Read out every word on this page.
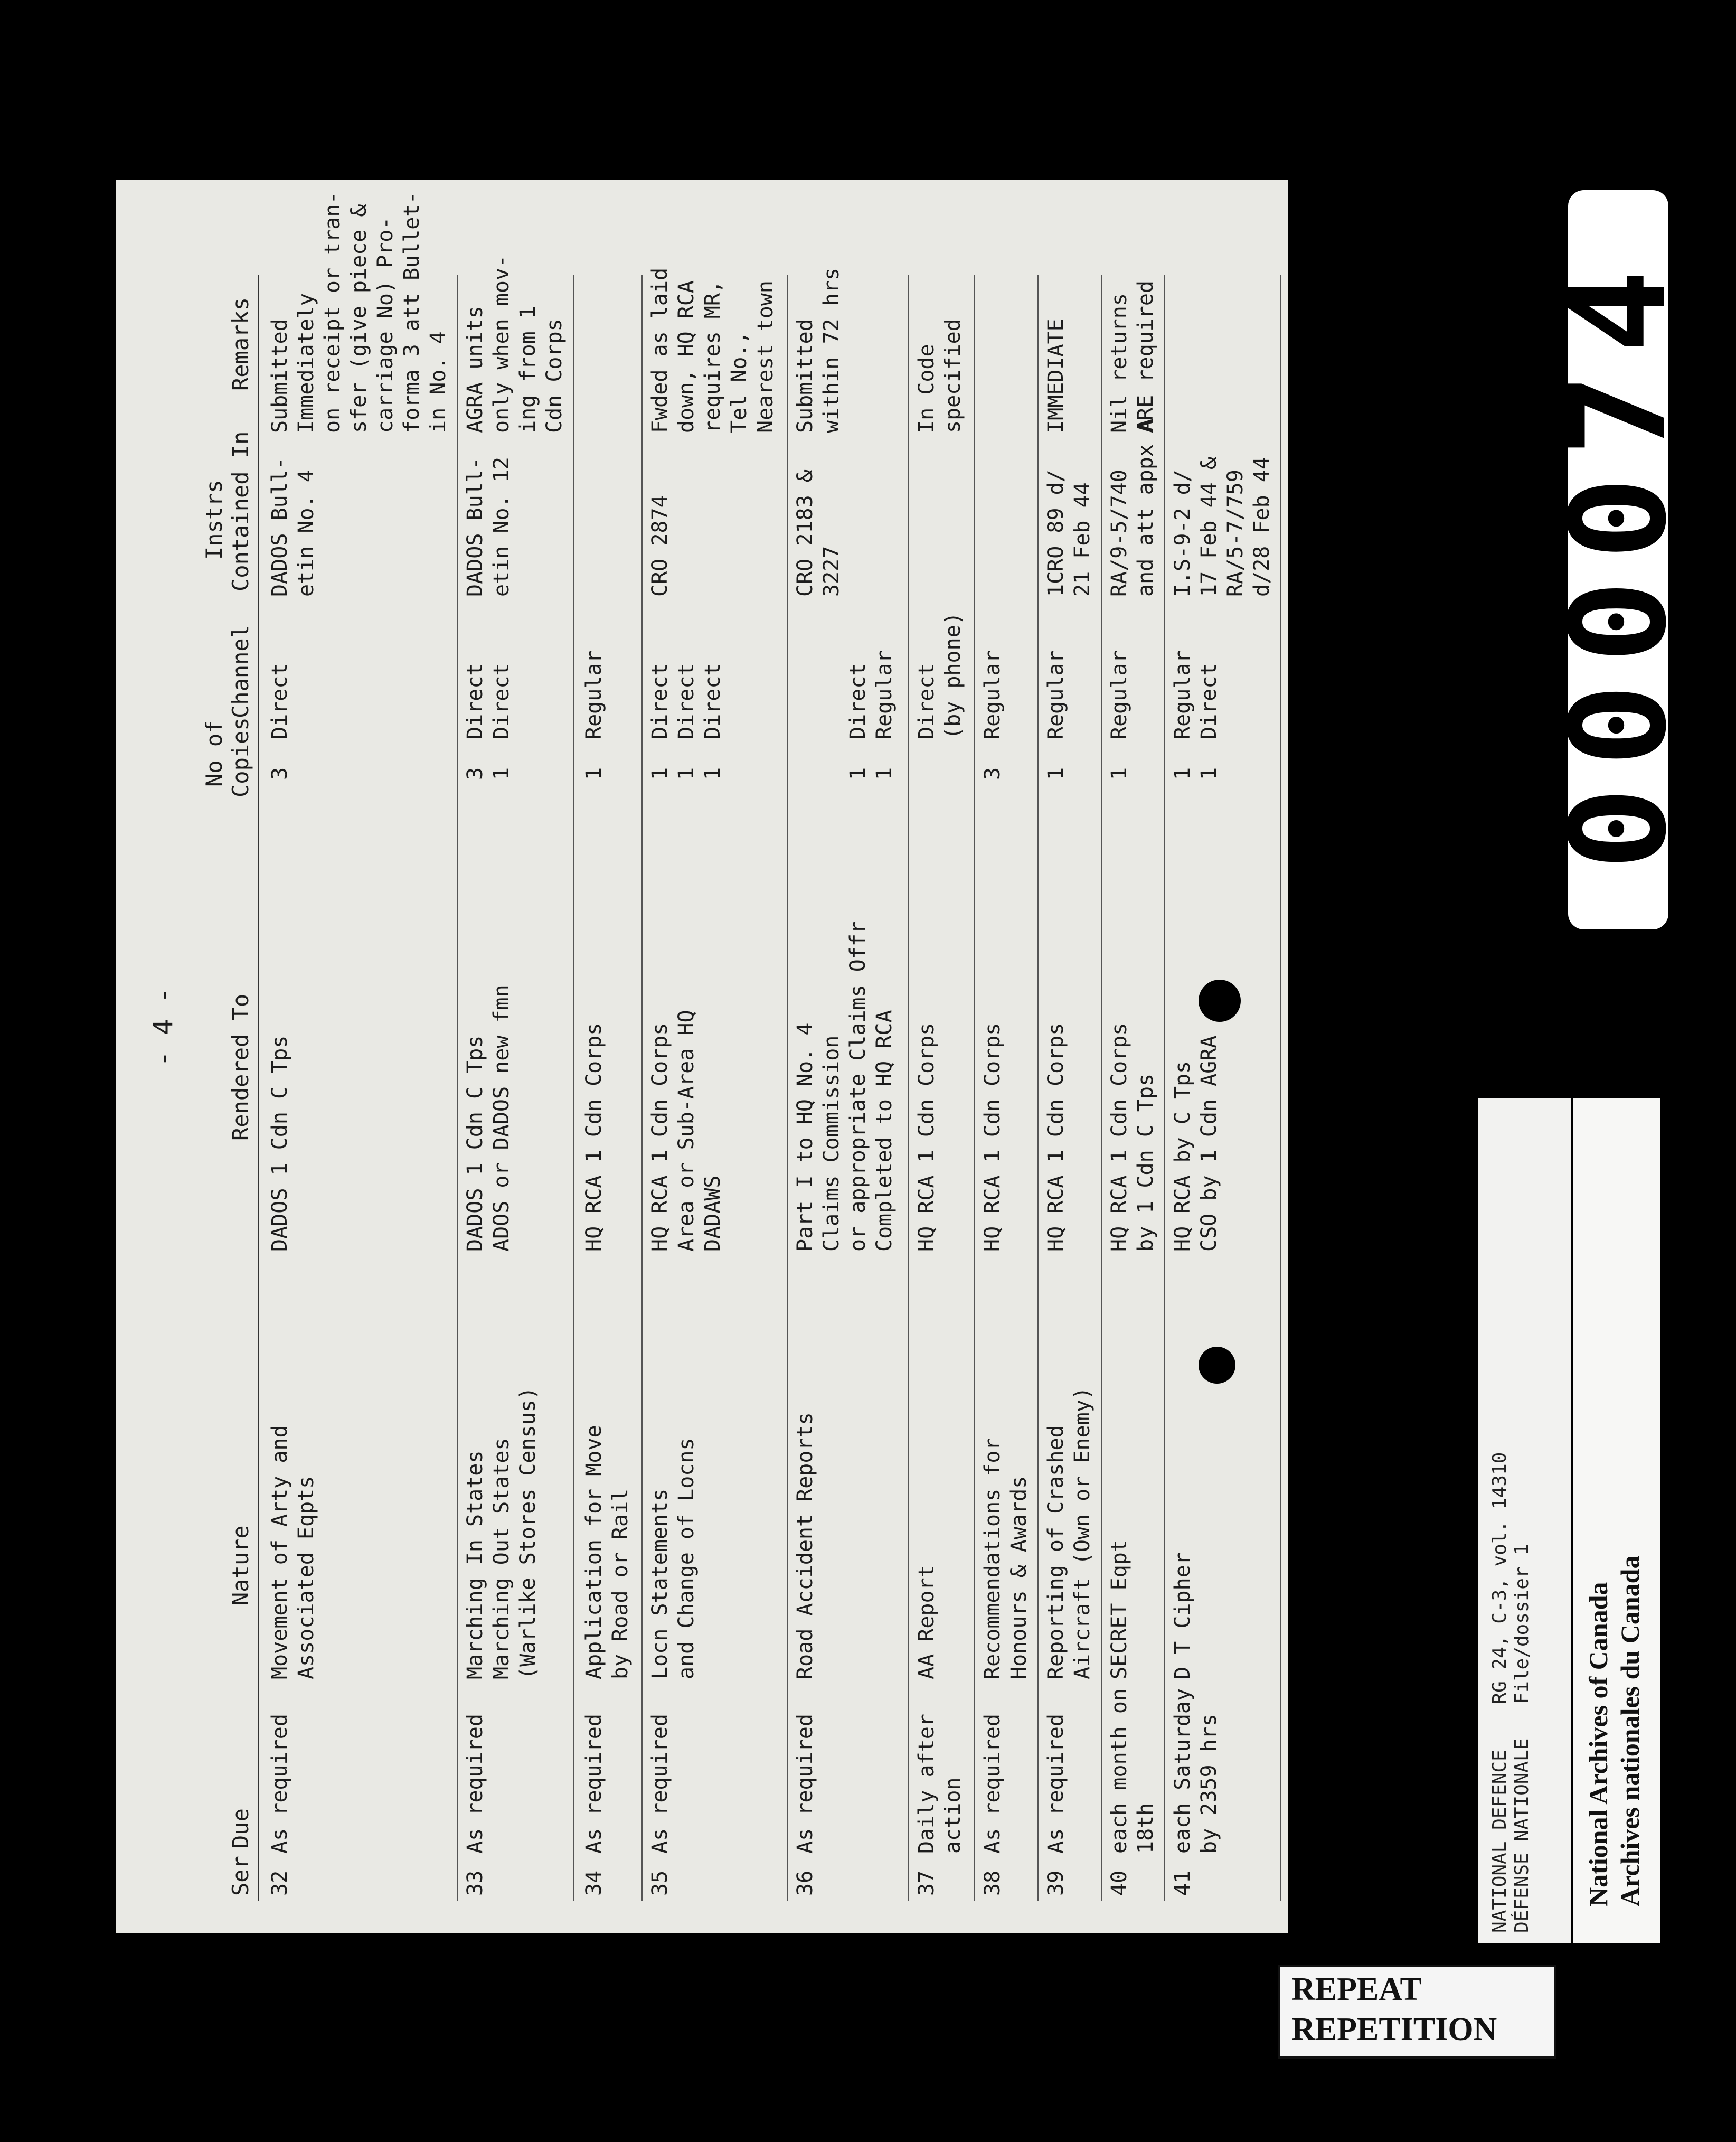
- 4 -
Ser
Due
Nature
Rendered To
No of Copies
Channel
Instrs Contained In
Remarks
32
As required
Movement of Arty and
Associated Eqpts
DADOS 1 Cdn C Tps
3
Direct
DADOS Bull-
etin No. 4
Submitted
Immediately
on receipt or tran-
sfer (give piece &
carriage No) Pro-
forma 3 att Bullet-
in No. 4
33
As required
Marching In States
Marching Out States
(Warlike Stores Census)
DADOS 1 Cdn C Tps
ADOS or DADOS new fmn
3
1
Direct
Direct
DADOS Bull-
etin No. 12
AGRA units
only when mov-
ing from 1
Cdn Corps
34
As required
Application for Move
by Road or Rail
HQ RCA 1 Cdn Corps
1
Regular
35
As required
Locn Statements
and Change of Locns
HQ RCA 1 Cdn Corps
Area or Sub-Area HQ
DADAWS
1
1
1
Direct
Direct
Direct
CRO 2874
Fwded as laid
down, HQ RCA
requires MR,
Tel No.,
Nearest town
36
As required
Road Accident Reports
Part I to HQ No. 4
Claims Commission
or appropriate Claims Offr
Completed to HQ RCA
1
1
Direct
Regular
CRO 2183 &
3227
Submitted
within 72 hrs
37
Daily after
action
AA Report
HQ RCA 1 Cdn Corps
Direct
(by phone)
In Code
specified
38
As required
Recommendations for
Honours & Awards
HQ RCA 1 Cdn Corps
3
Regular
39
As required
Reporting of Crashed
Aircraft (Own or Enemy)
HQ RCA 1 Cdn Corps
1
Regular
1CRO 89 d/
21 Feb 44
IMMEDIATE
40
each month on
18th
SECRET Eqpt
HQ RCA 1 Cdn Corps
by 1 Cdn C Tps
1
Regular
RA/9-5/740
and att appx A
Nil returns
ARE required
41
each Saturday
by 2359 hrs
D T Cipher
HQ RCA by C Tps
CSO by 1 Cdn AGRA
1
1
Regular
Direct
I.S-9-2 d/
17 Feb 44 &
RA/5-7/759
d/28 Feb 44 000074
NATIONAL DEFENCE    RG 24, C-3, vol. 14310
DÉFENSE NATIONALE   File/dossier 1 National Archives of Canada
Archives nationales du Canada
REPEAT
REPETITION
